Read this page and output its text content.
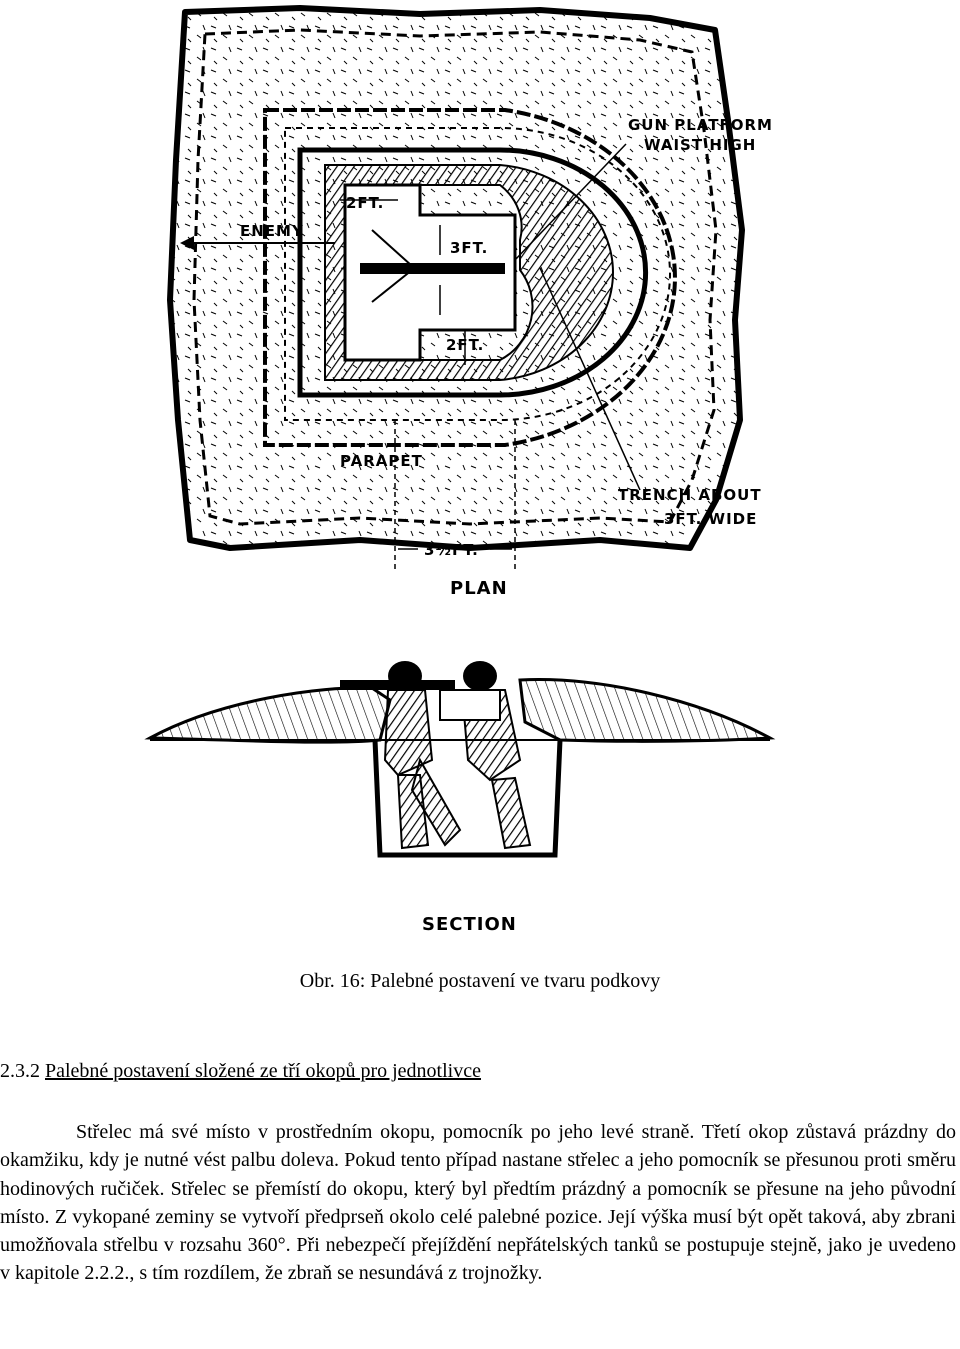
GUN PLATFORM
WAIST HIGH
ENEMY
2FT.
3FT.
2FT.
PARAPET
TRENCH ABOUT
3FT. WIDE
3½FT.
PLAN
SECTION
Obr. 16: Palebné postavení ve tvaru podkovy
2.3.2 Palebné postavení složené ze tří okopů pro jednotlivce

Střelec má své místo v prostředním okopu, pomocník po jeho levé straně. Třetí okop zůstavá prázdny do okamžiku, kdy je nutné vést palbu doleva. Pokud tento případ nastane střelec a jeho pomocník se přesunou proti směru hodinových ručiček. Střelec se přemístí do okopu, který byl předtím prázdný a pomocník se přesune na jeho původní místo. Z vykopané zeminy se vytvoří předprseň okolo celé palebné pozice. Její výška musí být opět taková, aby zbrani umožňovala střelbu v rozsahu 360°. Při nebezpečí přejíždění nepřátelských tanků se postupuje stejně, jako je uvedeno v kapitole 2.2.2., s tím rozdílem, že zbraň se nesundává z trojnožky.
